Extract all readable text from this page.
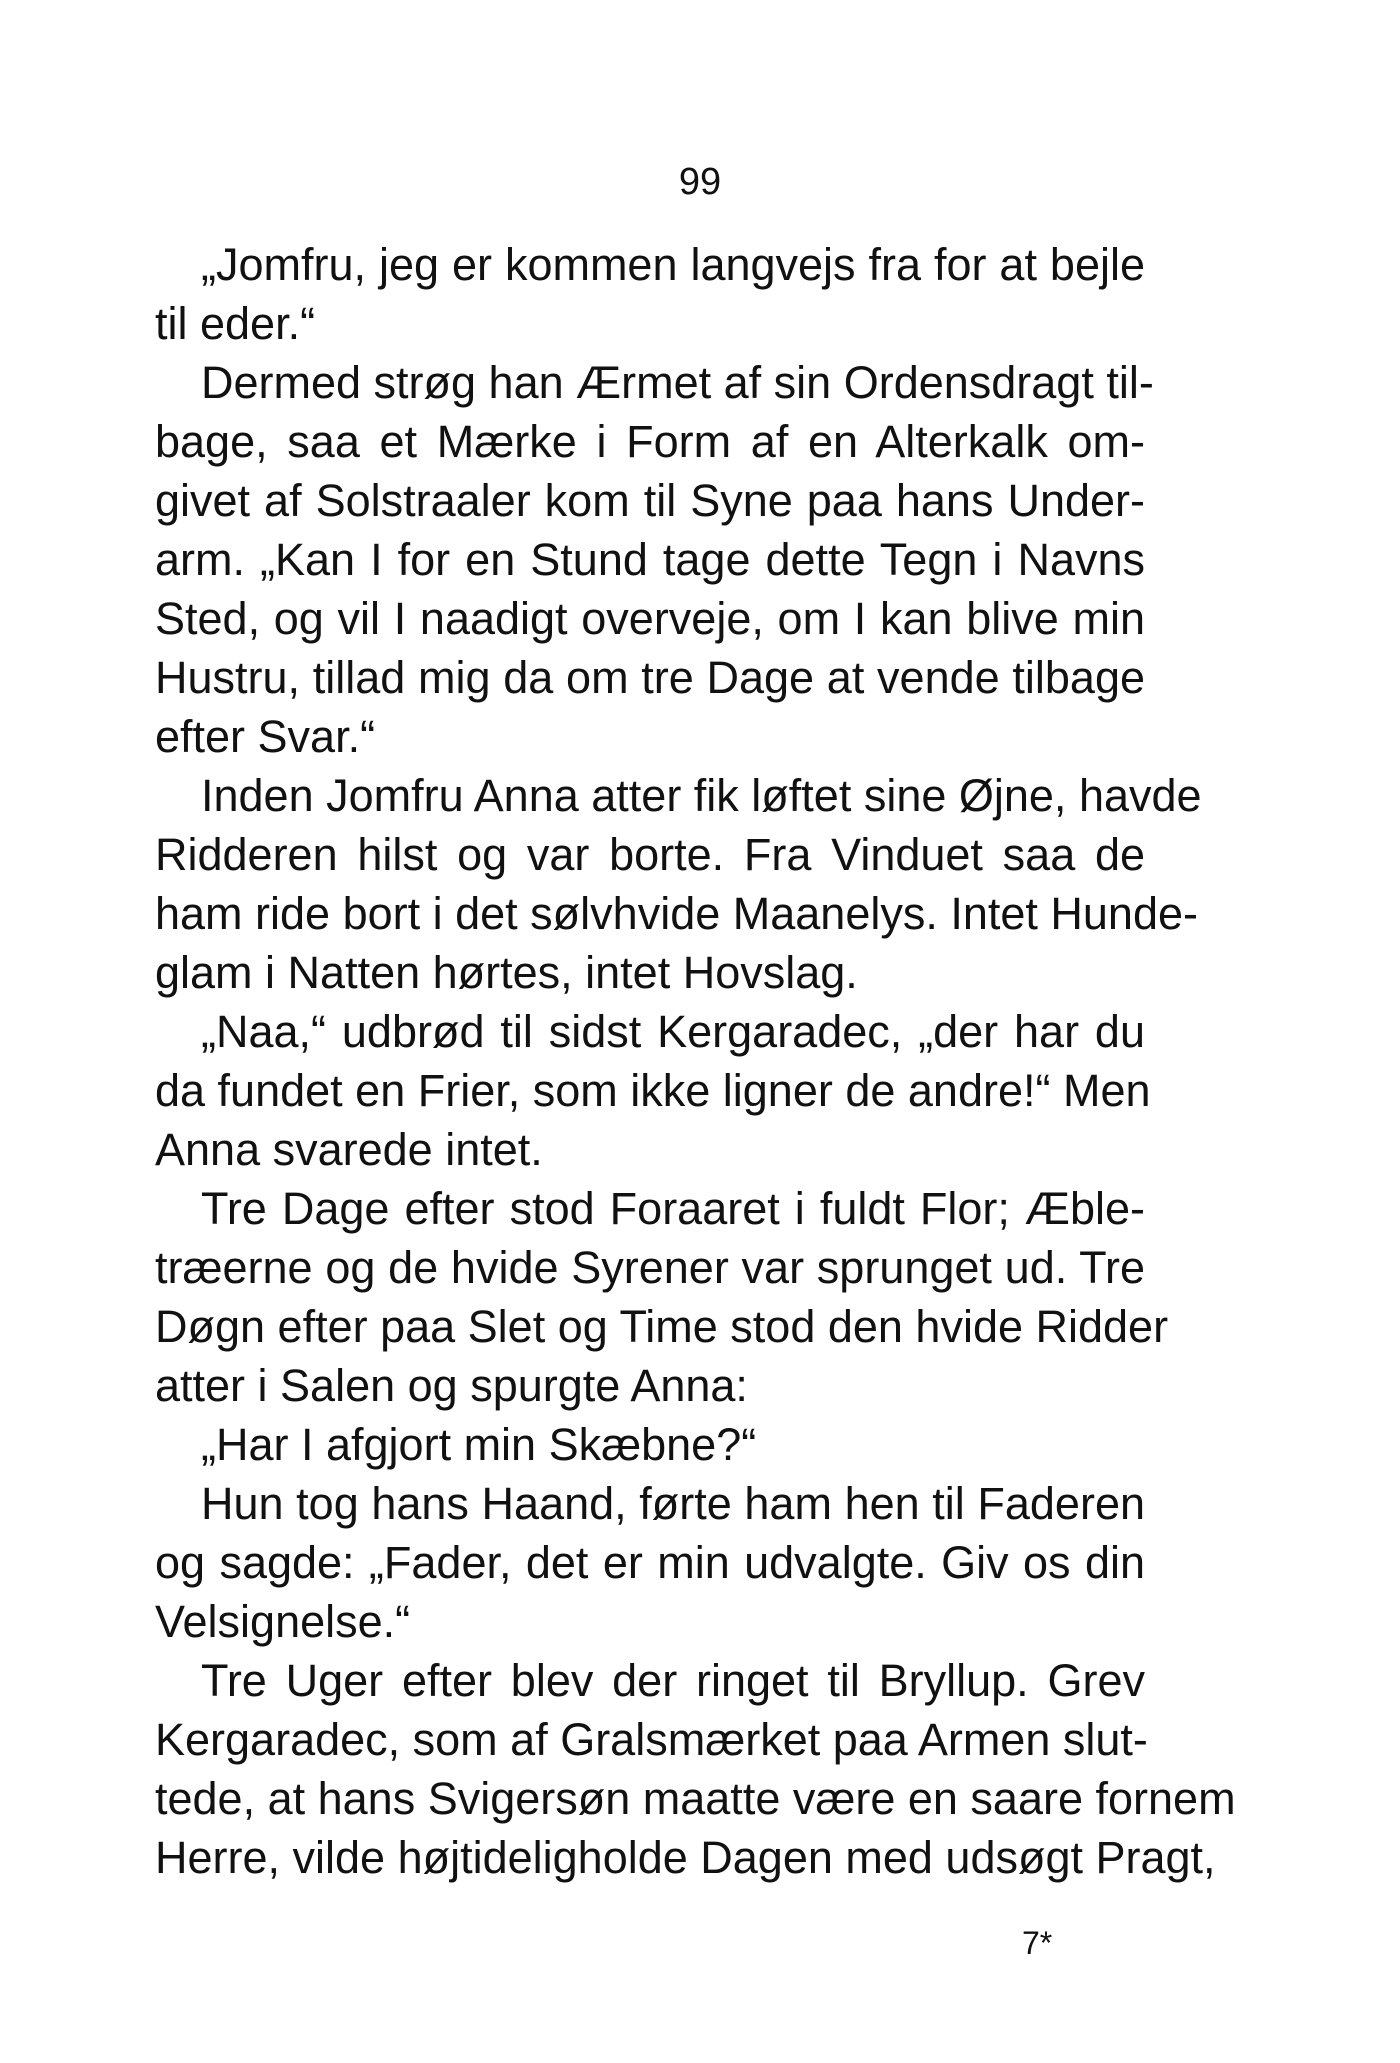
99
„Jomfru, jeg er kommen langvejs fra for at bejle
til eder.“
Dermed strøg han Ærmet af sin Ordensdragt til-
bage, saa et Mærke i Form af en Alterkalk om-
givet af Solstraaler kom til Syne paa hans Under-
arm. „Kan I for en Stund tage dette Tegn i Navns
Sted, og vil I naadigt overveje, om I kan blive min
Hustru, tillad mig da om tre Dage at vende tilbage
efter Svar.“
Inden Jomfru Anna atter fik løftet sine Øjne, havde
Ridderen hilst og var borte. Fra Vinduet saa de
ham ride bort i det sølvhvide Maanelys. Intet Hunde-
glam i Natten hørtes, intet Hovslag.
„Naa,“ udbrød til sidst Kergaradec, „der har du
da fundet en Frier, som ikke ligner de andre!“ Men
Anna svarede intet.
Tre Dage efter stod Foraaret i fuldt Flor; Æble-
træerne og de hvide Syrener var sprunget ud. Tre
Døgn efter paa Slet og Time stod den hvide Ridder
atter i Salen og spurgte Anna:
„Har I afgjort min Skæbne?“
Hun tog hans Haand, førte ham hen til Faderen
og sagde: „Fader, det er min udvalgte. Giv os din
Velsignelse.“
Tre Uger efter blev der ringet til Bryllup. Grev
Kergaradec, som af Gralsmærket paa Armen slut-
tede, at hans Svigersøn maatte være en saare fornem
Herre, vilde højtideligholde Dagen med udsøgt Pragt,
7*
